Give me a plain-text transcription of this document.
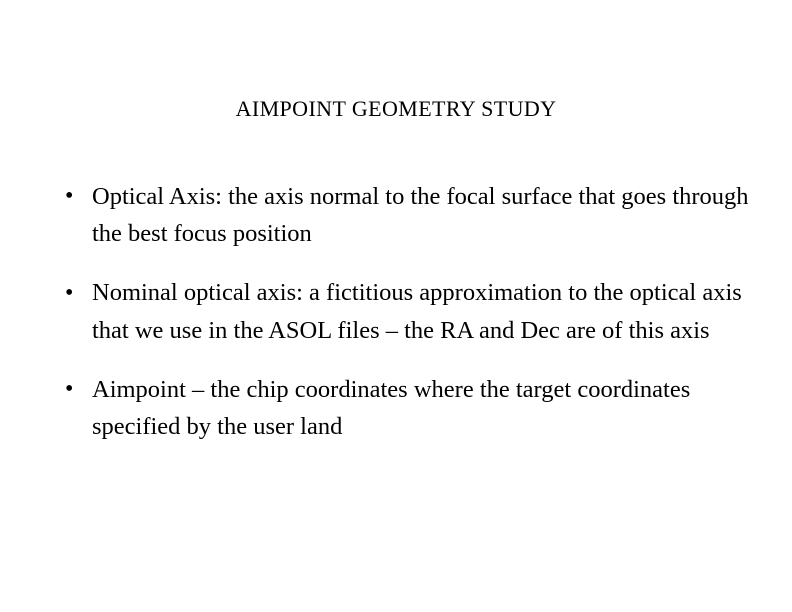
AIMPOINT GEOMETRY STUDY
• Optical Axis: the axis normal to the focal surface that goes through the best focus position
• Nominal optical axis: a fictitious approximation to the optical axis that we use in the ASOL files – the RA and Dec are of this axis
• Aimpoint – the chip coordinates where the target coordinates specified by the user land
